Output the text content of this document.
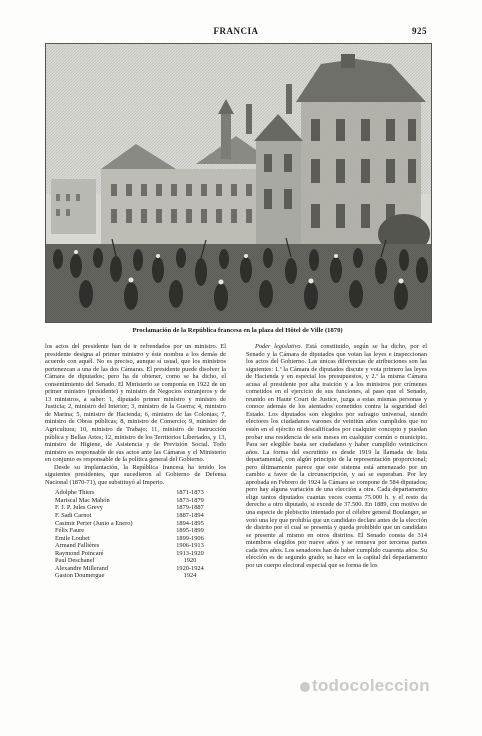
FRANCIA	925
Proclamación de la República francesa en la plaza del Hôtel de Ville (1870)

los actos del presidente han de ir refrendados por un ministro. El presidente designa al primer ministro y éste nombra a los demás de acuerdo con aquél. No es preciso, aunque sí usual, que los ministros pertenezcan a una de las dos Cámaras. El presidente puede disolver la Cámara de diputados; pero ha de obtener, como se ha dicho, el consentimiento del Senado. El Ministerio se componía en 1922 de un primer ministro (presidente) y ministro de Negocios extranjeros y de 13 ministros, a saber: 1, diputado primer ministro y ministro de Justicia; 2, ministro del Interior; 3, ministro de la Guerra; 4, ministro de Marina; 5, ministro de Hacienda; 6, ministro de las Colonias; 7, ministro de Obras públicas; 8, ministro de Comercio; 9, ministro de Agricultura; 10, ministro de Trabajo; 11, ministro de Instrucción pública y Bellas Artes; 12, ministro de los Territorios Libertados, y 13, ministro de Higiene, de Asistencia y de Previsión Social. Todo ministro es responsable de sus actos ante las Cámaras y el Ministerio en conjunto es responsable de la política general del Gobierno.

Desde su implantación, la República francesa ha tenido los siguientes presidentes, que sucedieron al Gobierno de Defensa Nacional (1870-71), que substituyó al Imperio.

Adolphe Thiers	1871-1873
Mariscal Mac Mahón	1873-1879
F. J. P. Jules Grevy	1879-1887
F. Sadi Carnot	1887-1894
Casimir Perier (Junio a Enero)	1894-1895
Félix Faure	1895-1899
Emile Loubet	1899-1906
Armand Fallières	1906-1913
Raymond Poincaré	1913-1920
Paul Deschanel	1920
Alexandre Millerand	1920-1924
Gaston Doumergue	1924

Poder legislativo. Está constituido, según se ha dicho, por el Senado y la Cámara de diputados que votan las leyes e inspeccionan los actos del Gobierno. Las únicas diferencias de atribuciones son las siguientes: 1.ª la Cámara de diputados discute y vota primero las leyes de Hacienda y en especial los presupuestos, y 2.ª la misma Cámara acusa al presidente por alta traición y a los ministros por crímenes cometidos en el ejercicio de sus funciones, al paso que el Senado, reunido en Haute Court de Justice, juzga a estas mismas personas y conoce además de los atentados cometidos contra la seguridad del Estado. Los diputados son elegidos por sufragio universal, siendo electores los ciudadanos varones de veintiún años cumplidos que no estén en el ejército ni descalificados por cualquier concepto y puedan probar una residencia de seis meses en cualquier común o municipio. Para ser elegible basta ser ciudadano y haber cumplido veinticinco años. La forma del escrutinio es desde 1919 la llamada de lista departamental, con algún principio de la representación proporcional; pero últimamente parece que este sistema está amenazado por un cambio a favor de la circunscripción, y así se esperaban. Por ley aprobada en Febrero de 1924 la Cámara se compone de 584 diputados; pero hay alguna variación de una elección a otra. Cada departamento elige tantos diputados cuantas veces cuenta 75.000 h. y el resto da derecho a otro diputado, si excede de 37.500. En 1889, con motivo de una especie de plebiscito intentado por el célebre general Boulanger, se votó una ley que prohibía que un candidato declare antes de la elección de distrito por el cual se presenta y queda prohibido que un candidato se presente al mismo en otros distritos. El Senado consta de 314 miembros elegidos por nueve años y se renueva por terceras partes cada tres años. Los senadores han de haber cumplido cuarenta años. Su elección es de segundo grado; se hace en la capital del departamento por un cuerpo electoral especial que se forma de los

todocoleccion
